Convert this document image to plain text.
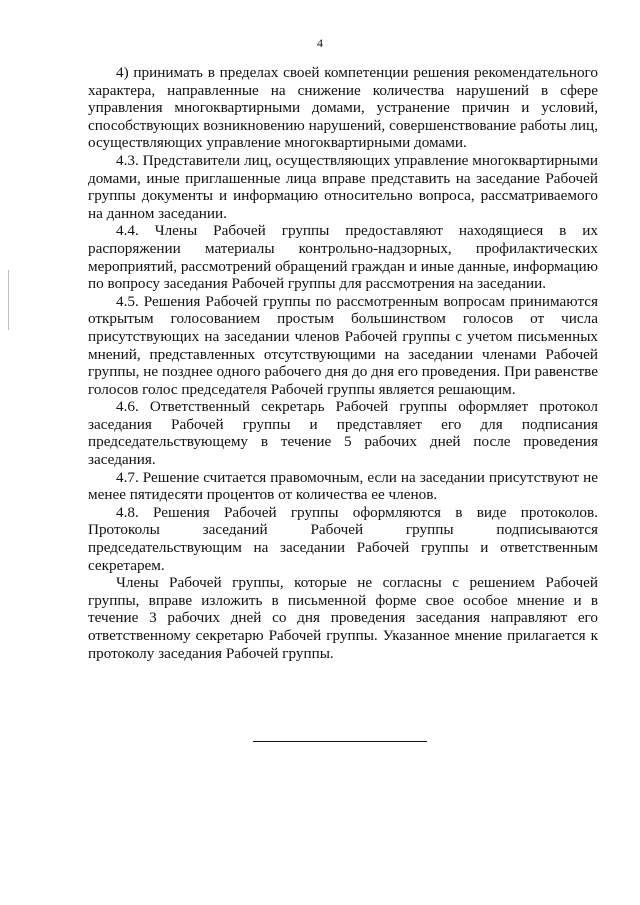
4

4) принимать в пределах своей компетенции решения рекомендательного характера, направленные на снижение количества нарушений в сфере управления многоквартирными домами, устранение причин и условий, способствующих возникновению нарушений, совершенствование работы лиц, осуществляющих управление многоквартирными домами.

4.3. Представители лиц, осуществляющих управление многоквартирными домами, иные приглашенные лица вправе представить на заседание Рабочей группы документы и информацию относительно вопроса, рассматриваемого на данном заседании.

4.4. Члены Рабочей группы предоставляют находящиеся в их распоряжении материалы контрольно-надзорных, профилактических мероприятий, рассмотрений обращений граждан и иные данные, информацию по вопросу заседания Рабочей группы для рассмотрения на заседании.

4.5. Решения Рабочей группы по рассмотренным вопросам принимаются открытым голосованием простым большинством голосов от числа присутствующих на заседании членов Рабочей группы с учетом письменных мнений, представленных отсутствующими на заседании членами Рабочей группы, не позднее одного рабочего дня до дня его проведения. При равенстве голосов голос председателя Рабочей группы является решающим.

4.6. Ответственный секретарь Рабочей группы оформляет протокол заседания Рабочей группы и представляет его для подписания председательствующему в течение 5 рабочих дней после проведения заседания.

4.7. Решение считается правомочным, если на заседании присутствуют не менее пятидесяти процентов от количества ее членов.

4.8. Решения Рабочей группы оформляются в виде протоколов. Протоколы заседаний Рабочей группы подписываются председательствующим на заседании Рабочей группы и ответственным секретарем.

Члены Рабочей группы, которые не согласны с решением Рабочей группы, вправе изложить в письменной форме свое особое мнение и в течение 3 рабочих дней со дня проведения заседания направляют его ответственному секретарю Рабочей группы. Указанное мнение прилагается к протоколу заседания Рабочей группы.
